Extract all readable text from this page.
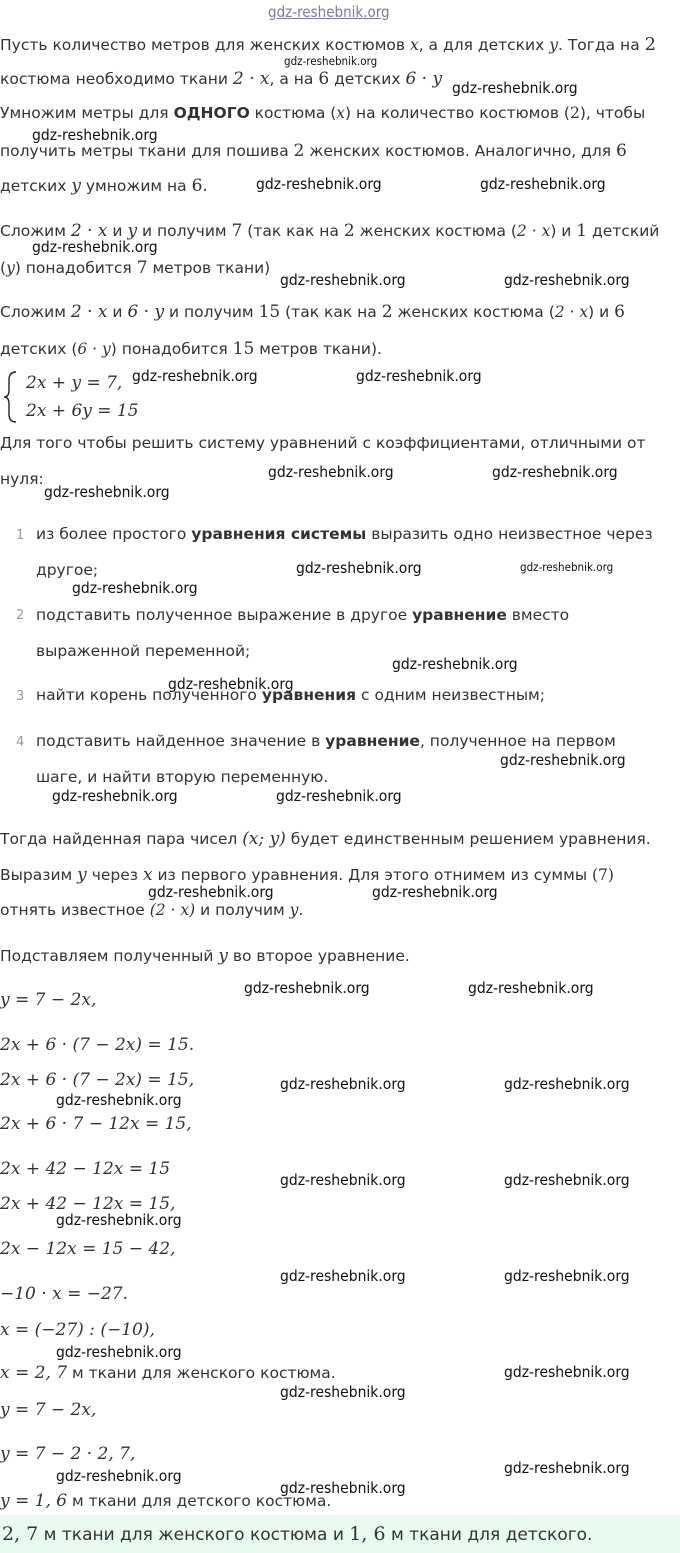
gdz-reshebnik.org
Пусть количество метров для женских костюмов x, а для детских y. Тогда на 2
костюма необходимо ткани 2 · x, а на 6 детских 6 · y
Умножим метры для ОДНОГО костюма (x) на количество костюмов (2), чтобы
получить метры ткани для пошива 2 женских костюмов. Аналогично, для 6
детских y умножим на 6.
Сложим 2 · x и y и получим 7 (так как на 2 женских костюма (2 · x) и 1 детский
(y) понадобится 7 метров ткани)
Сложим 2 · x и 6 · y и получим 15 (так как на 2 женских костюма (2 · x) и 6
детских (6 · y) понадобится 15 метров ткани).
2x + y = 7,
2x + 6y = 15
Для того чтобы решить систему уравнений с коэффициентами, отличными от
нуля:
1 из более простого уравнения системы выразить одно неизвестное через
другое;
2 подставить полученное выражение в другое уравнение вместо
выраженной переменной;
3 найти корень полученного уравнения с одним неизвестным;
4 подставить найденное значение в уравнение, полученное на первом
шаге, и найти вторую переменную.
Тогда найденная пара чисел (x; y) будет единственным решением уравнения.
Выразим y через x из первого уравнения. Для этого отнимем из суммы (7)
отнять известное (2 · x) и получим y.
Подставляем полученный y во второе уравнение.
y = 7 − 2x,
2x + 6 · (7 − 2x) = 15.
2x + 6 · (7 − 2x) = 15,
2x + 6 · 7 − 12x = 15,
2x + 42 − 12x = 15
2x + 42 − 12x = 15,
2x − 12x = 15 − 42,
−10 · x = −27.
x = (−27) : (−10),
x = 2, 7 м ткани для женского костюма.
y = 7 − 2x,
y = 7 − 2 · 2, 7,
y = 1, 6 м ткани для детского костюма.
2, 7 м ткани для женского костюма и 1, 6 м ткани для детского.
gdz-reshebnik.org
gdz-reshebnik.org
gdz-reshebnik.org
gdz-reshebnik.org	gdz-reshebnik.org
gdz-reshebnik.org
gdz-reshebnik.org	gdz-reshebnik.org
gdz-reshebnik.org	gdz-reshebnik.org
gdz-reshebnik.org	gdz-reshebnik.org
gdz-reshebnik.org
gdz-reshebnik.org	gdz-reshebnik.org
gdz-reshebnik.org
gdz-reshebnik.org
gdz-reshebnik.org
gdz-reshebnik.org
gdz-reshebnik.org	gdz-reshebnik.org
gdz-reshebnik.org	gdz-reshebnik.org
gdz-reshebnik.org	gdz-reshebnik.org
gdz-reshebnik.org	gdz-reshebnik.org
gdz-reshebnik.org
gdz-reshebnik.org	gdz-reshebnik.org
gdz-reshebnik.org
gdz-reshebnik.org	gdz-reshebnik.org
gdz-reshebnik.org
gdz-reshebnik.org
gdz-reshebnik.org
gdz-reshebnik.org
gdz-reshebnik.org
gdz-reshebnik.org
